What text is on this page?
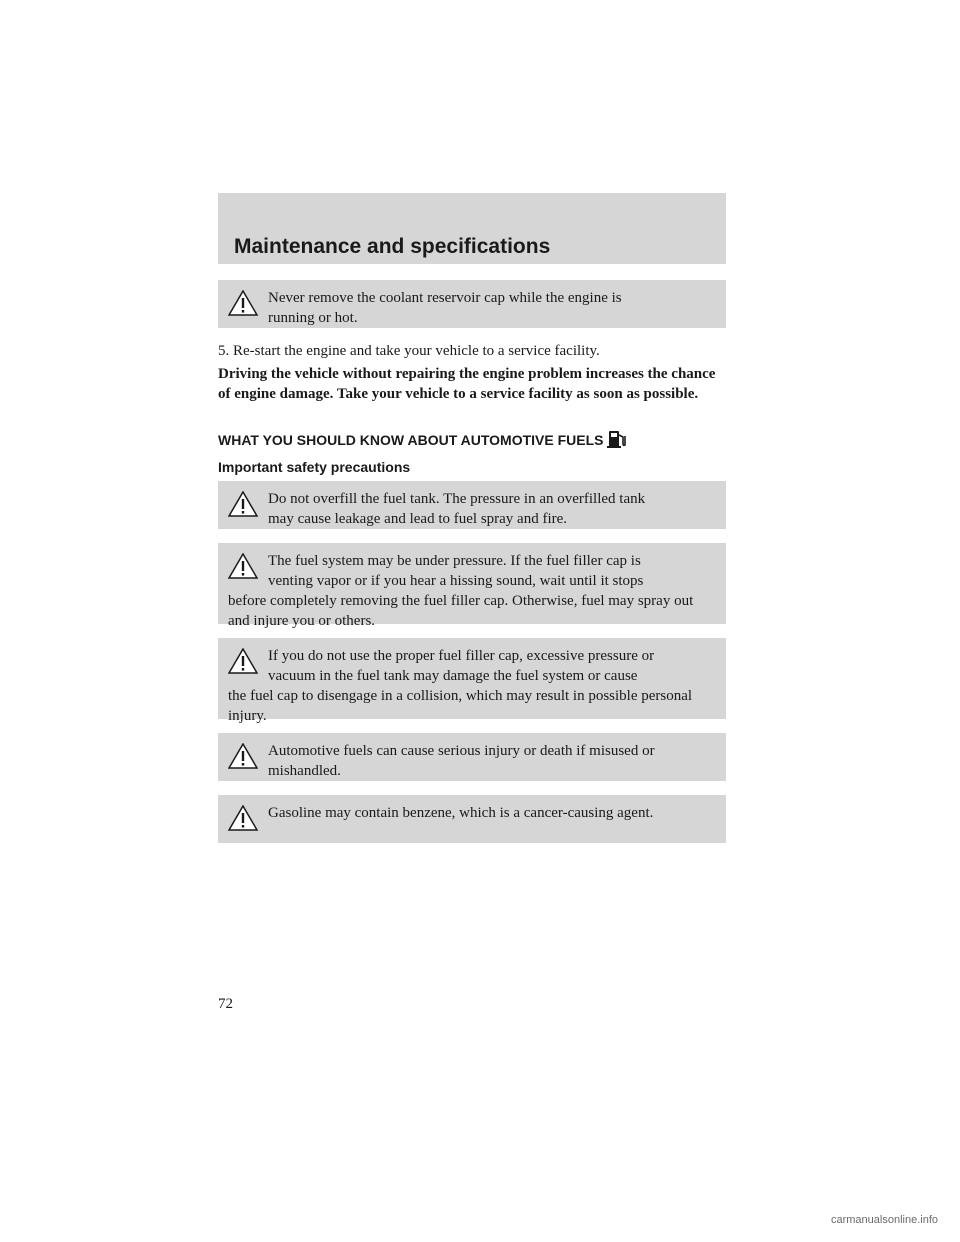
Maintenance and specifications

Never remove the coolant reservoir cap while the engine is
running or hot.

5. Re-start the engine and take your vehicle to a service facility.

Driving the vehicle without repairing the engine problem increases the chance of engine damage. Take your vehicle to a service facility as soon as possible.

WHAT YOU SHOULD KNOW ABOUT AUTOMOTIVE FUELS

Important safety precautions

Do not overfill the fuel tank. The pressure in an overfilled tank
may cause leakage and lead to fuel spray and fire.

The fuel system may be under pressure. If the fuel filler cap is
venting vapor or if you hear a hissing sound, wait until it stops
before completely removing the fuel filler cap. Otherwise, fuel may spray out and injure you or others.

If you do not use the proper fuel filler cap, excessive pressure or
vacuum in the fuel tank may damage the fuel system or cause
the fuel cap to disengage in a collision, which may result in possible personal injury.

Automotive fuels can cause serious injury or death if misused or
mishandled.

Gasoline may contain benzene, which is a cancer-causing agent.

72

carmanualsonline.info
